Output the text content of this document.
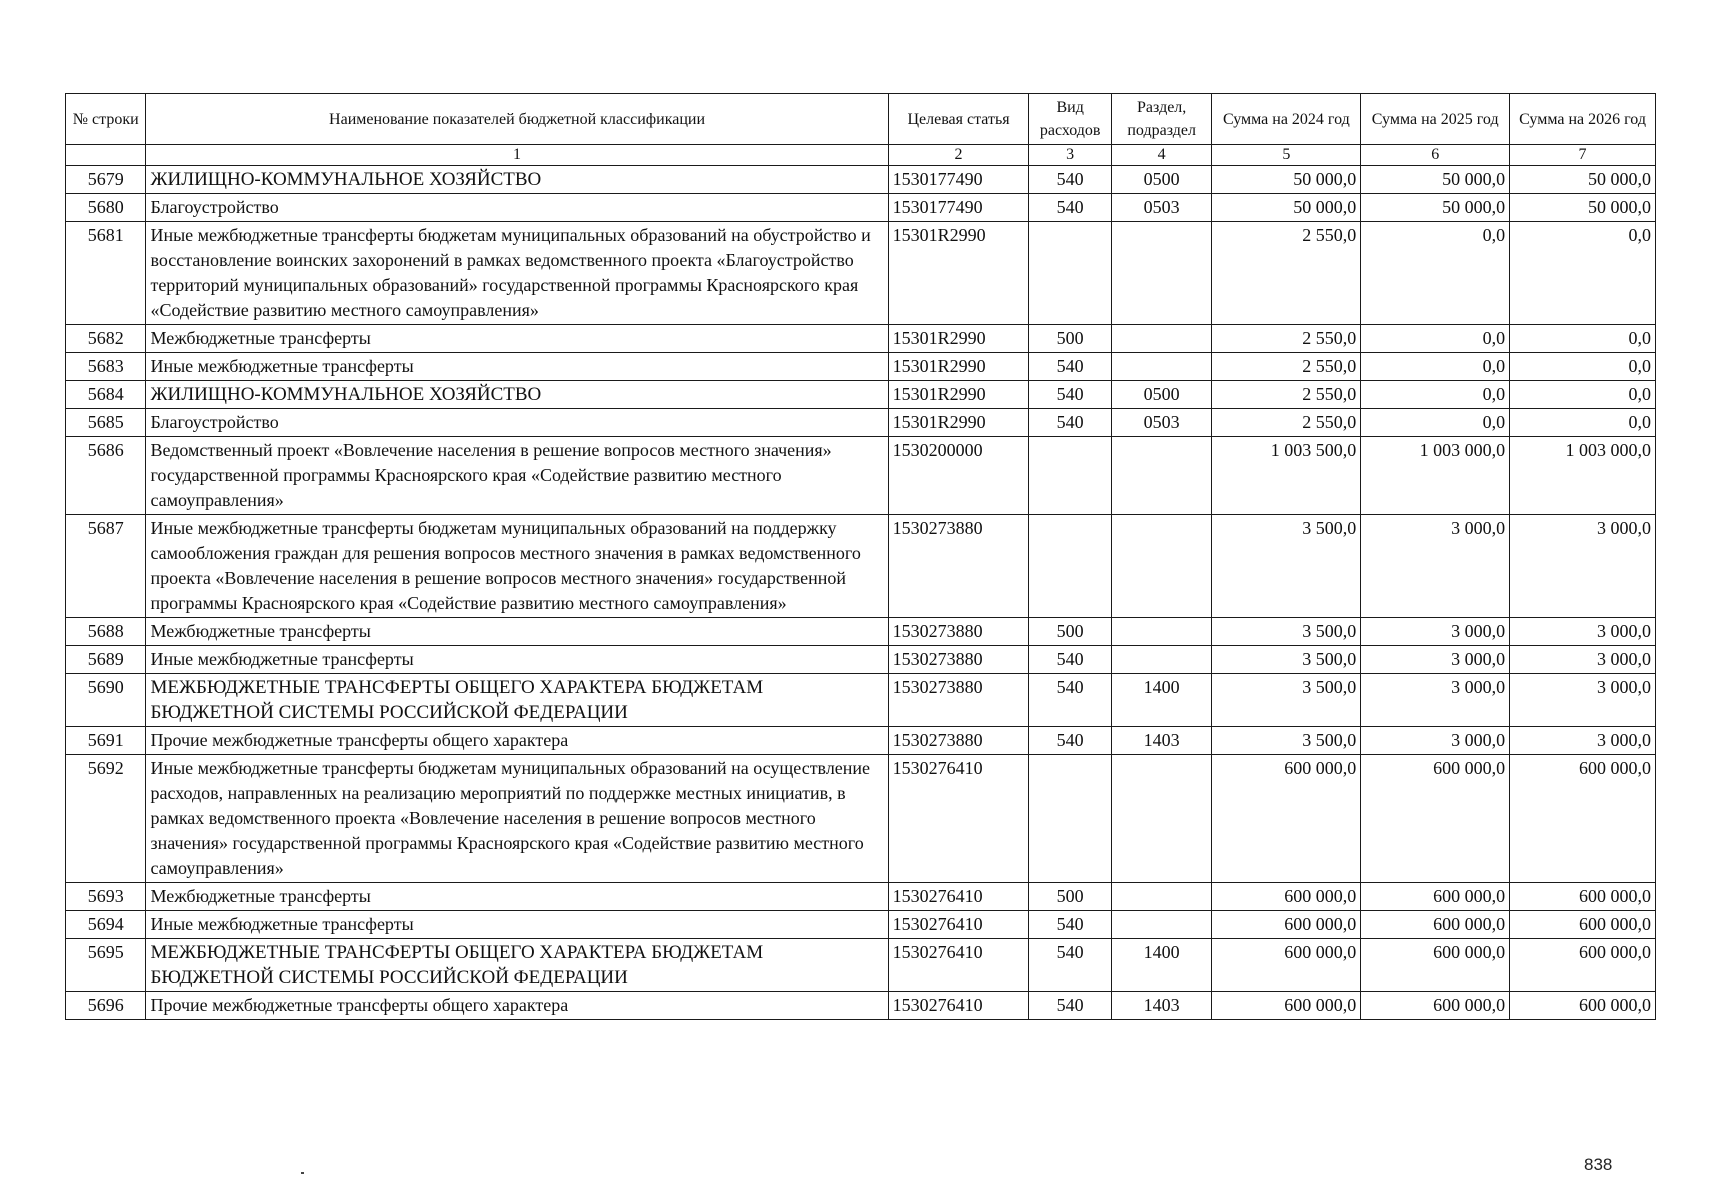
№ строки	Наименование показателей бюджетной классификации	Целевая статья	Вид расходов	Раздел, подраздел	Сумма на 2024 год	Сумма на 2025 год	Сумма на 2026 год
	1	2	3	4	5	6	7
5679	ЖИЛИЩНО-КОММУНАЛЬНОЕ ХОЗЯЙСТВО	1530177490	540	0500	50 000,0	50 000,0	50 000,0
5680	Благоустройство	1530177490	540	0503	50 000,0	50 000,0	50 000,0
5681	Иные межбюджетные трансферты бюджетам муниципальных образований на обустройство и восстановление воинских захоронений в рамках ведомственного проекта «Благоустройство территорий муниципальных образований» государственной программы Красноярского края «Содействие развитию местного самоуправления»	15301R2990			2 550,0	0,0	0,0
5682	Межбюджетные трансферты	15301R2990	500		2 550,0	0,0	0,0
5683	Иные межбюджетные трансферты	15301R2990	540		2 550,0	0,0	0,0
5684	ЖИЛИЩНО-КОММУНАЛЬНОЕ ХОЗЯЙСТВО	15301R2990	540	0500	2 550,0	0,0	0,0
5685	Благоустройство	15301R2990	540	0503	2 550,0	0,0	0,0
5686	Ведомственный проект «Вовлечение населения в решение вопросов местного значения» государственной программы Красноярского края «Содействие развитию местного самоуправления»	1530200000			1 003 500,0	1 003 000,0	1 003 000,0
5687	Иные межбюджетные трансферты бюджетам муниципальных образований на поддержку самообложения граждан для решения вопросов местного значения в рамках ведомственного проекта «Вовлечение населения в решение вопросов местного значения» государственной программы Красноярского края «Содействие развитию местного самоуправления»	1530273880			3 500,0	3 000,0	3 000,0
5688	Межбюджетные трансферты	1530273880	500		3 500,0	3 000,0	3 000,0
5689	Иные межбюджетные трансферты	1530273880	540		3 500,0	3 000,0	3 000,0
5690	МЕЖБЮДЖЕТНЫЕ ТРАНСФЕРТЫ ОБЩЕГО ХАРАКТЕРА БЮДЖЕТАМ БЮДЖЕТНОЙ СИСТЕМЫ РОССИЙСКОЙ ФЕДЕРАЦИИ	1530273880	540	1400	3 500,0	3 000,0	3 000,0
5691	Прочие межбюджетные трансферты общего характера	1530273880	540	1403	3 500,0	3 000,0	3 000,0
5692	Иные межбюджетные трансферты бюджетам муниципальных образований на осуществление расходов, направленных на реализацию мероприятий по поддержке местных инициатив, в рамках ведомственного проекта «Вовлечение населения в решение вопросов местного значения» государственной программы Красноярского края «Содействие развитию местного самоуправления»	1530276410			600 000,0	600 000,0	600 000,0
5693	Межбюджетные трансферты	1530276410	500		600 000,0	600 000,0	600 000,0
5694	Иные межбюджетные трансферты	1530276410	540		600 000,0	600 000,0	600 000,0
5695	МЕЖБЮДЖЕТНЫЕ ТРАНСФЕРТЫ ОБЩЕГО ХАРАКТЕРА БЮДЖЕТАМ БЮДЖЕТНОЙ СИСТЕМЫ РОССИЙСКОЙ ФЕДЕРАЦИИ	1530276410	540	1400	600 000,0	600 000,0	600 000,0
5696	Прочие межбюджетные трансферты общего характера	1530276410	540	1403	600 000,0	600 000,0	600 000,0
838
